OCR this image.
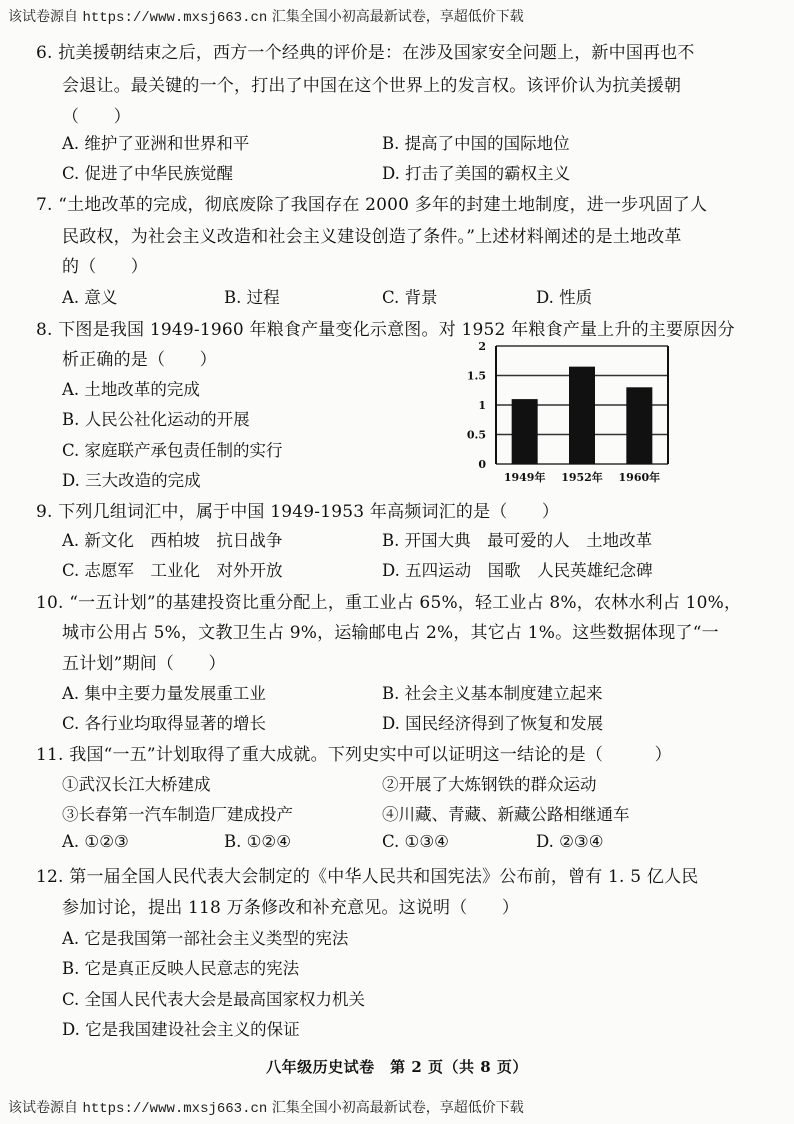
该试卷源自 https://www.mxsj663.cn 汇集全国小初高最新试卷，享超低价下载
6. 抗美援朝结束之后，西方一个经典的评价是：在涉及国家安全问题上，新中国再也不
会退让。最关键的一个，打出了中国在这个世界上的发言权。该评价认为抗美援朝
（　　）
A. 维护了亚洲和世界和平	B. 提高了中国的国际地位
C. 促进了中华民族觉醒	D. 打击了美国的霸权主义
7. “土地改革的完成，彻底废除了我国存在 2000 多年的封建土地制度，进一步巩固了人
民政权，为社会主义改造和社会主义建设创造了条件。”上述材料阐述的是土地改革
的（　　）
A. 意义	B. 过程	C. 背景	D. 性质
8. 下图是我国 1949-1960 年粮食产量变化示意图。对 1952 年粮食产量上升的主要原因分
析正确的是（　　）
A. 土地改革的完成
B. 人民公社化运动的开展
C. 家庭联产承包责任制的实行
D. 三大改造的完成
0
0.5
1
1.5
2
1949年 1952年 1960年
9. 下列几组词汇中，属于中国 1949-1953 年高频词汇的是（　　）
A. 新文化　西柏坡　抗日战争	B. 开国大典　最可爱的人　土地改革
C. 志愿军　工业化　对外开放	D. 五四运动　国歌　人民英雄纪念碑
10. “一五计划”的基建投资比重分配上，重工业占 65%，轻工业占 8%，农林水利占 10%，
城市公用占 5%，文教卫生占 9%，运输邮电占 2%，其它占 1%。这些数据体现了“一
五计划”期间（　　）
A. 集中主要力量发展重工业	B. 社会主义基本制度建立起来
C. 各行业均取得显著的增长	D. 国民经济得到了恢复和发展
11. 我国“一五”计划取得了重大成就。下列史实中可以证明这一结论的是（　　　）
①武汉长江大桥建成	②开展了大炼钢铁的群众运动
③长春第一汽车制造厂建成投产	④川藏、青藏、新藏公路相继通车
A. ①②③	B. ①②④	C. ①③④	D. ②③④
12. 第一届全国人民代表大会制定的《中华人民共和国宪法》公布前，曾有 1. 5 亿人民
参加讨论，提出 118 万条修改和补充意见。这说明（　　）
A. 它是我国第一部社会主义类型的宪法
B. 它是真正反映人民意志的宪法
C. 全国人民代表大会是最高国家权力机关
D. 它是我国建设社会主义的保证
八年级历史试卷　第 2 页（共 8 页）
该试卷源自 https://www.mxsj663.cn 汇集全国小初高最新试卷，享超低价下载
